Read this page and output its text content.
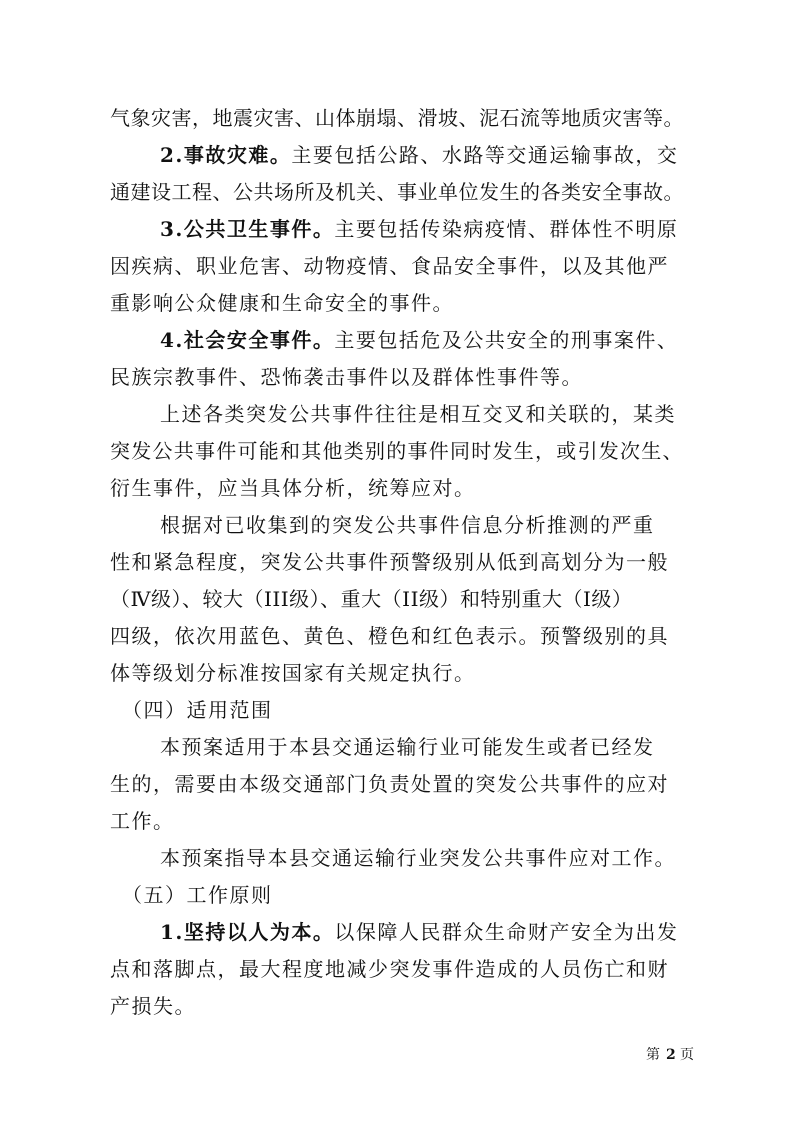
气象灾害，地震灾害、山体崩塌、滑坡、泥石流等地质灾害等。
2.事故灾难。主要包括公路、水路等交通运输事故，交
通建设工程、公共场所及机关、事业单位发生的各类安全事故。
3.公共卫生事件。主要包括传染病疫情、群体性不明原
因疾病、职业危害、动物疫情、食品安全事件，以及其他严
重影响公众健康和生命安全的事件。
4.社会安全事件。主要包括危及公共安全的刑事案件、
民族宗教事件、恐怖袭击事件以及群体性事件等。
上述各类突发公共事件往往是相互交叉和关联的，某类
突发公共事件可能和其他类别的事件同时发生，或引发次生、
衍生事件，应当具体分析，统筹应对。
根据对已收集到的突发公共事件信息分析推测的严重
性和紧急程度，突发公共事件预警级别从低到高划分为一般
（Ⅳ级）、较大（III级）、重大（II级）和特别重大（Ⅰ级）
四级，依次用蓝色、黄色、橙色和红色表示。预警级别的具
体等级划分标准按国家有关规定执行。
（四）适用范围
本预案适用于本县交通运输行业可能发生或者已经发
生的，需要由本级交通部门负责处置的突发公共事件的应对
工作。
本预案指导本县交通运输行业突发公共事件应对工作。
（五）工作原则
1.坚持以人为本。以保障人民群众生命财产安全为出发
点和落脚点，最大程度地减少突发事件造成的人员伤亡和财
产损失。
第 2 页
